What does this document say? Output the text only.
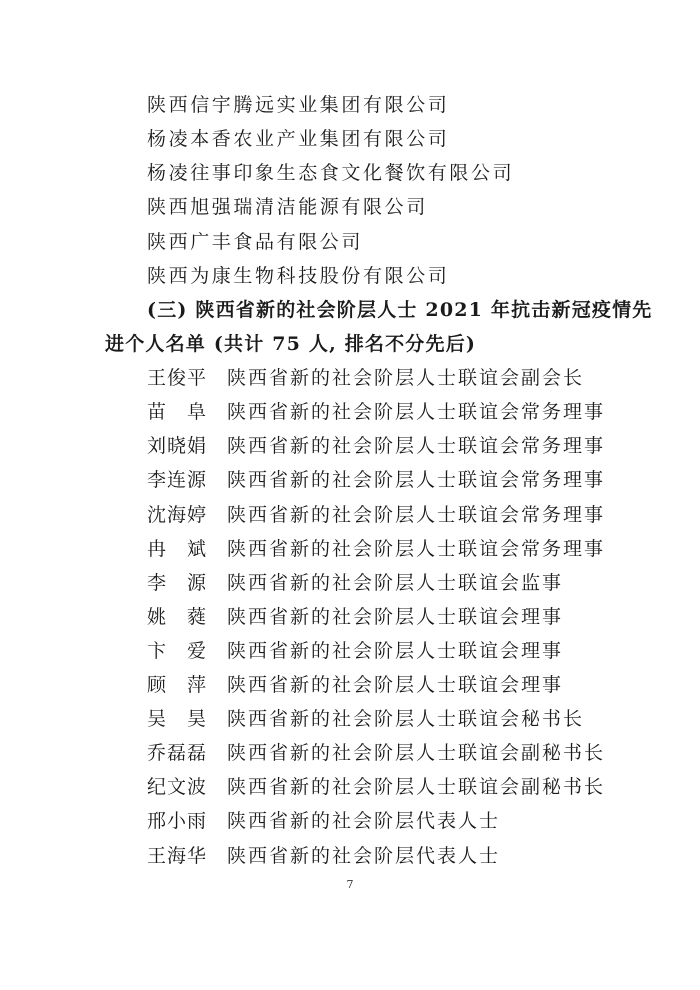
陕西信宇腾远实业集团有限公司
杨凌本香农业产业集团有限公司
杨凌往事印象生态食文化餐饮有限公司
陕西旭强瑞清洁能源有限公司
陕西广丰食品有限公司
陕西为康生物科技股份有限公司
(三) 陕西省新的社会阶层人士 2021 年抗击新冠疫情先
进个人名单 (共计 75 人, 排名不分先后)
王俊平	陕西省新的社会阶层人士联谊会副会长
苗　阜	陕西省新的社会阶层人士联谊会常务理事
刘晓娟	陕西省新的社会阶层人士联谊会常务理事
李连源	陕西省新的社会阶层人士联谊会常务理事
沈海婷	陕西省新的社会阶层人士联谊会常务理事
冉　斌	陕西省新的社会阶层人士联谊会常务理事
李　源	陕西省新的社会阶层人士联谊会监事
姚　蕤	陕西省新的社会阶层人士联谊会理事
卞　爱	陕西省新的社会阶层人士联谊会理事
顾　萍	陕西省新的社会阶层人士联谊会理事
吴　昊	陕西省新的社会阶层人士联谊会秘书长
乔磊磊	陕西省新的社会阶层人士联谊会副秘书长
纪文波	陕西省新的社会阶层人士联谊会副秘书长
邢小雨	陕西省新的社会阶层代表人士
王海华	陕西省新的社会阶层代表人士
7
